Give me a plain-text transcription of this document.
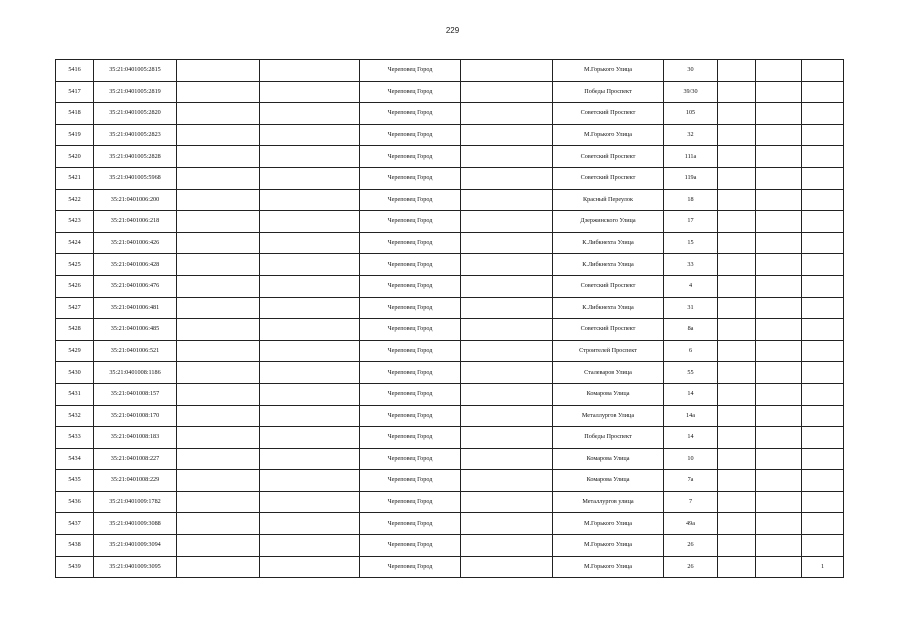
229
5416	35:21:0401005:2815			Череповец Город		М.Горького Улица	30			
5417	35:21:0401005:2819			Череповец Город		Победы Проспект	39/30			
5418	35:21:0401005:2820			Череповец Город		Советский Проспект	105			
5419	35:21:0401005:2823			Череповец Город		М.Горького Улица	32			
5420	35:21:0401005:2828			Череповец Город		Советский Проспект	111а			
5421	35:21:0401005:5968			Череповец Город		Советский Проспект	119а			
5422	35:21:0401006:200			Череповец Город		Красный Переулок	18			
5423	35:21:0401006:218			Череповец Город		Дзержинского Улица	17			
5424	35:21:0401006:426			Череповец Город		К.Либкнехта Улица	15			
5425	35:21:0401006:428			Череповец Город		К.Либкнехта Улица	33			
5426	35:21:0401006:476			Череповец Город		Советский Проспект	4			
5427	35:21:0401006:481			Череповец Город		К.Либкнехта Улица	31			
5428	35:21:0401006:485			Череповец Город		Советский Проспект	8а			
5429	35:21:0401006:521			Череповец Город		Строителей Проспект	6			
5430	35:21:0401008:1186			Череповец Город		Сталеваров Улица	55			
5431	35:21:0401008:157			Череповец Город		Комарова Улица	14			
5432	35:21:0401008:170			Череповец Город		Металлургов Улица	14а			
5433	35:21:0401008:183			Череповец Город		Победы Проспект	14			
5434	35:21:0401008:227			Череповец Город		Комарова Улица	10			
5435	35:21:0401008:229			Череповец Город		Комарова Улица	7а			
5436	35:21:0401009:1782			Череповец Город		Металлургов улица	7			
5437	35:21:0401009:3088			Череповец Город		М.Горького Улица	49а			
5438	35:21:0401009:3094			Череповец Город		М.Горького Улица	26			
5439	35:21:0401009:3095			Череповец Город		М.Горького Улица	26			1
